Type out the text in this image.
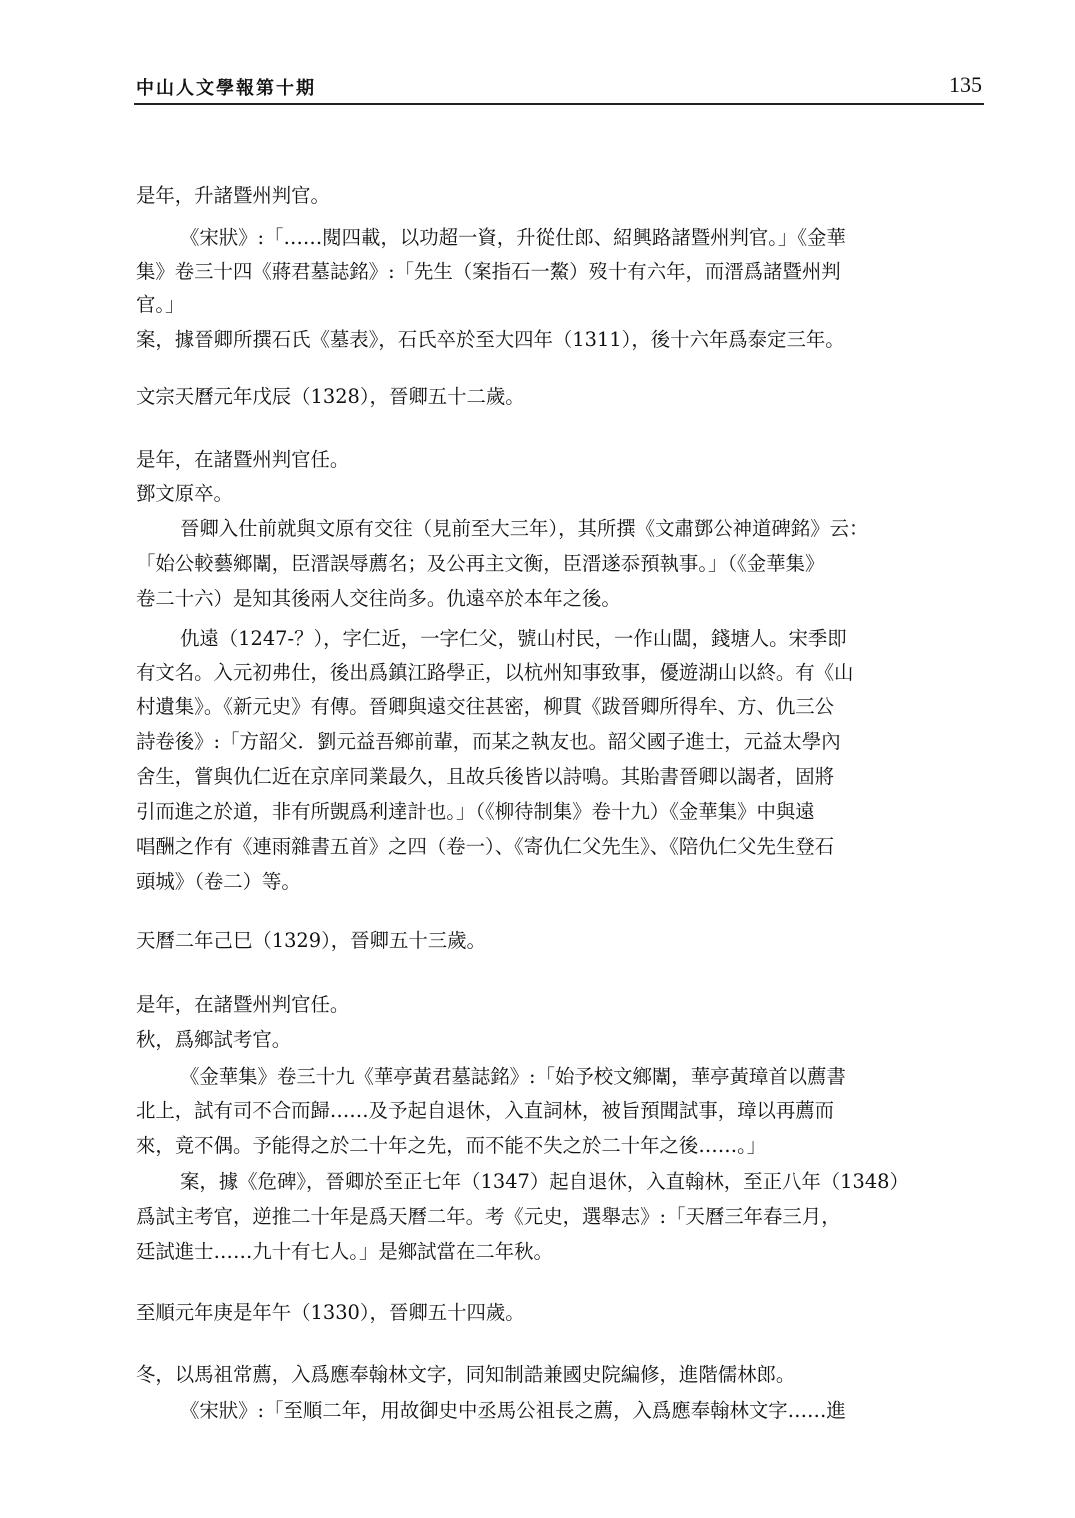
中山人文學報第十期	135
是年，升諸暨州判官。
《宋狀》:「……閱四載，以功超一資，升從仕郎、紹興路諸暨州判官。」《金華
集》卷三十四《蔣君墓誌銘》:「先生（案指石一鰲）歿十有六年，而溍爲諸暨州判
官。」
案，據晉卿所撰石氏《墓表》，石氏卒於至大四年（1311），後十六年爲泰定三年。
文宗天曆元年戊辰（1328），晉卿五十二歲。
是年，在諸暨州判官任。
鄧文原卒。
晉卿入仕前就與文原有交往（見前至大三年），其所撰《文肅鄧公神道碑銘》云：
「始公較藝鄉闈，臣溍誤辱薦名；及公再主文衡，臣溍遂忝預執事。」（《金華集》
卷二十六）是知其後兩人交往尚多。仇遠卒於本年之後。
仇遠（1247-？），字仁近，一字仁父，號山村民，一作山闆，錢塘人。宋季即
有文名。入元初弗仕，後出爲鎮江路學正，以杭州知事致事，優遊湖山以終。有《山
村遺集》。《新元史》有傳。晉卿與遠交往甚密，柳貫《跋晉卿所得牟、方、仇三公
詩卷後》:「方韶父．劉元益吾鄉前輩，而某之執友也。韶父國子進士，元益太學內
舍生，嘗與仇仁近在京庠同業最久，且故兵後皆以詩鳴。其貽書晉卿以謁者，固將
引而進之於道，非有所覬爲利達計也。」（《柳待制集》卷十九）《金華集》中與遠
唱酬之作有《連雨雜書五首》之四（卷一）、《寄仇仁父先生》、《陪仇仁父先生登石
頭城》（卷二）等。
天曆二年己巳（1329），晉卿五十三歲。
是年，在諸暨州判官任。
秋，爲鄉試考官。
《金華集》卷三十九《華亭黃君墓誌銘》:「始予校文鄉闈，華亭黃璋首以薦書
北上，試有司不合而歸……及予起自退休，入直詞林，被旨預聞試事，璋以再薦而
來，竟不偶。予能得之於二十年之先，而不能不失之於二十年之後……。」
案，據《危碑》，晉卿於至正七年（1347）起自退休，入直翰林，至正八年（1348）
爲試主考官，逆推二十年是爲天曆二年。考《元史，選舉志》:「天曆三年春三月，
廷試進士……九十有七人。」是鄉試當在二年秋。
至順元年庚是年午（1330），晉卿五十四歲。
冬，以馬祖常薦，入爲應奉翰林文字，同知制誥兼國史院編修，進階儒林郎。
《宋狀》:「至順二年，用故御史中丞馬公祖長之薦，入爲應奉翰林文字……進
